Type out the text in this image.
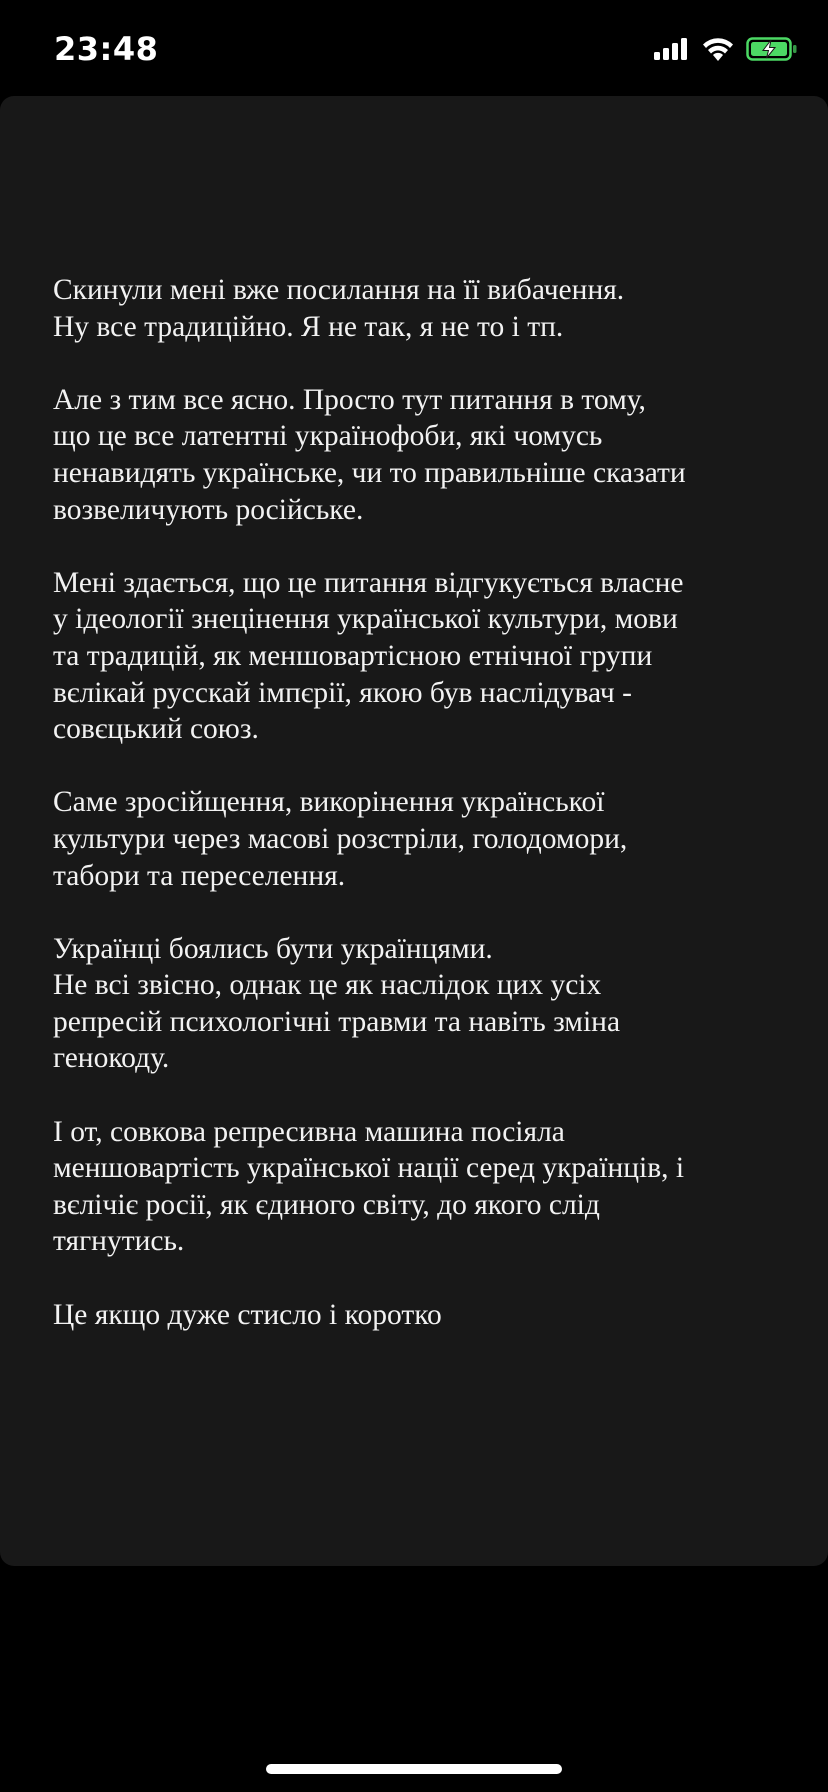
23:48

Скинули мені вже посилання на її вибачення.
Ну все традиційно. Я не так, я не то і тп.

Але з тим все ясно. Просто тут питання в тому,
що це все латентні українофоби, які чомусь
ненавидять українське, чи то правильніше сказати
возвеличують російське.

Мені здається, що це питання відгукується власне
у ідеології знецінення української культури, мови
та традицій, як меншовартісною етнічної групи
вєлікай русскай імпєрії, якою був наслідувач -
совєцький союз.

Саме зросійщення, викорінення української
культури через масові розстріли, голодомори,
табори та переселення.

Українці боялись бути українцями.
Не всі звісно, однак це як наслідок цих усіх
репресій психологічні травми та навіть зміна
генокоду.

І от, совкова репресивна машина посіяла
меншовартість української нації серед українців, і
вєлічіє росії, як єдиного світу, до якого слід
тягнутись.

Це якщо дуже стисло і коротко
